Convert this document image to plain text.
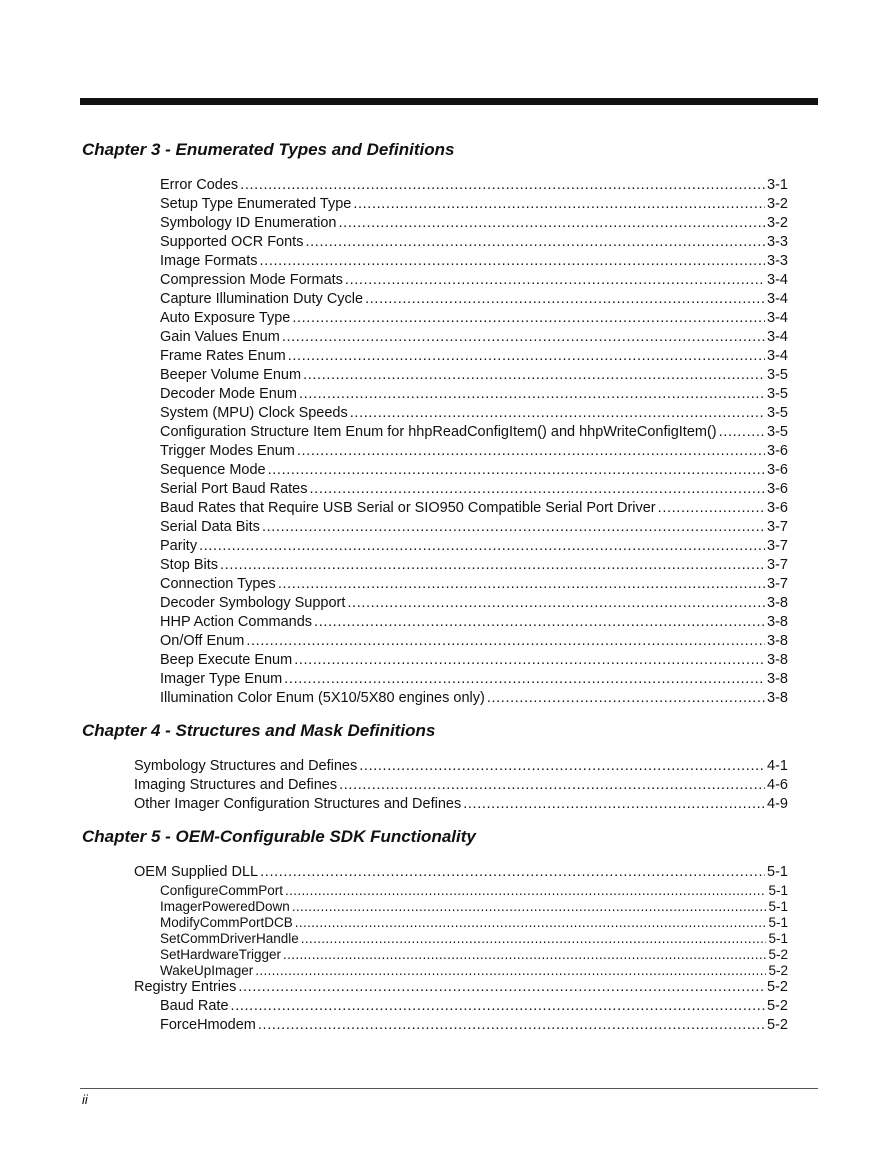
Chapter 3 - Enumerated Types and Definitions
Chapter 4 - Structures and Mask Definitions
Chapter 5 - OEM-Configurable SDK Functionality
Error Codes . . .	3-1
Setup Type Enumerated Type . . .	3-2
Symbology ID Enumeration . . .	3-2
Supported OCR Fonts . . .	3-3
Image Formats . . .	3-3
Compression Mode Formats . . .	3-4
Capture Illumination Duty Cycle . . .	3-4
Auto Exposure Type . . .	3-4
Gain Values Enum . . .	3-4
Frame Rates Enum . . .	3-4
Beeper Volume Enum . . .	3-5
Decoder Mode Enum . . .	3-5
System (MPU) Clock Speeds . . .	3-5
Configuration Structure Item Enum for hhpReadConfigItem() and hhpWriteConfigItem() . . .	3-5
Trigger Modes Enum . . .	3-6
Sequence Mode . . .	3-6
Serial Port Baud Rates . . .	3-6
Baud Rates that Require USB Serial or SIO950 Compatible Serial Port Driver . . .	3-6
Serial Data Bits . . .	3-7
Parity . . .	3-7
Stop Bits . . .	3-7
Connection Types . . .	3-7
Decoder Symbology Support . . .	3-8
HHP Action Commands . . .	3-8
On/Off Enum . . .	3-8
Beep Execute Enum . . .	3-8
Imager Type Enum . . .	3-8
Illumination Color Enum (5X10/5X80 engines only) . . .	3-8
Symbology Structures and Defines . . .	4-1
Imaging Structures and Defines . . .	4-6
Other Imager Configuration Structures and Defines . . .	4-9
OEM Supplied DLL . . .	5-1
ConfigureCommPort . . .	5-1
ImagerPoweredDown . . .	5-1
ModifyCommPortDCB . . .	5-1
SetCommDriverHandle . . .	5-1
SetHardwareTrigger . . .	5-2
WakeUpImager . . .	5-2
Registry Entries . . .	5-2
Baud Rate . . .	5-2
ForceHmodem . . .	5-2
ii
